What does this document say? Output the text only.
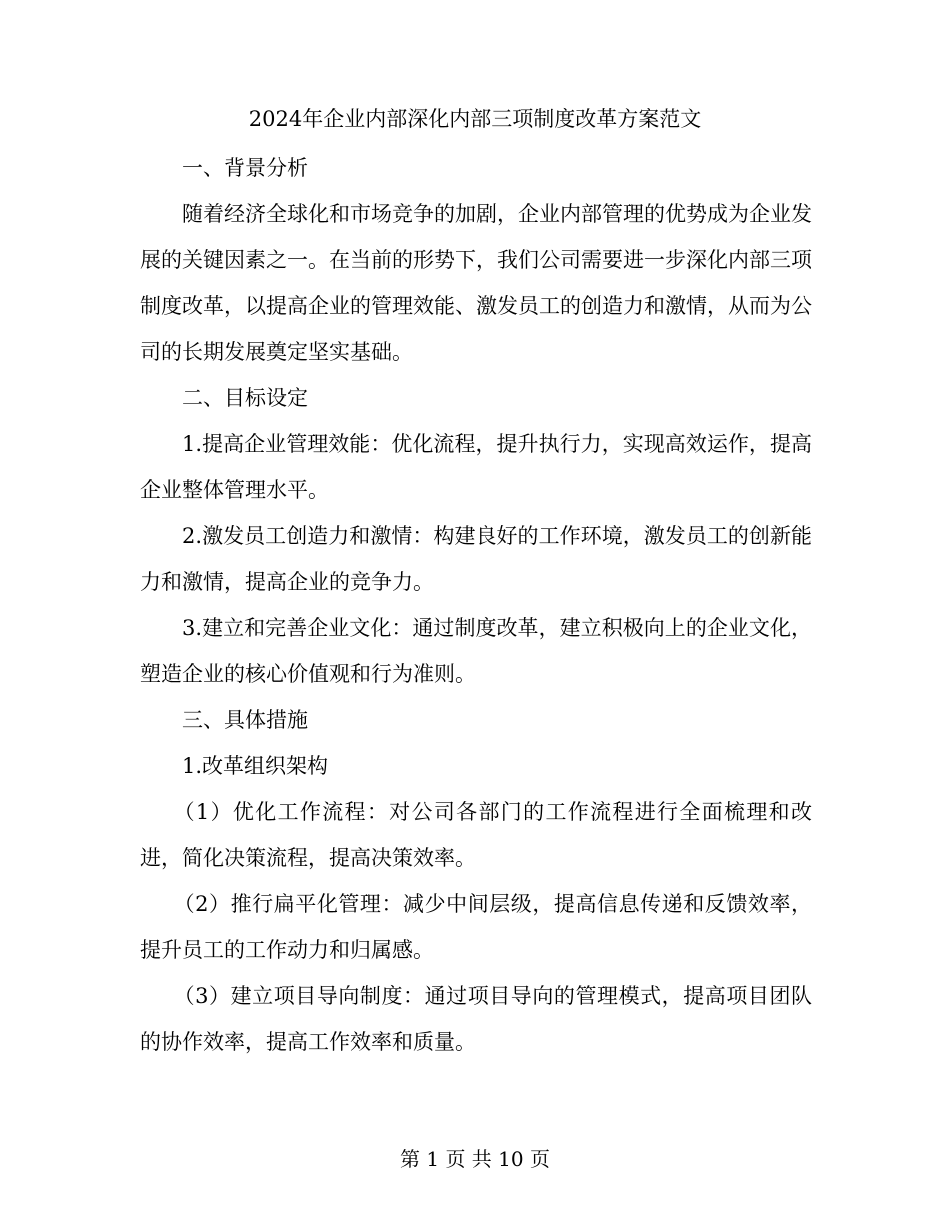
2024年企业内部深化内部三项制度改革方案范文

一、背景分析

随着经济全球化和市场竞争的加剧，企业内部管理的优势成为企业发展的关键因素之一。在当前的形势下，我们公司需要进一步深化内部三项制度改革，以提高企业的管理效能、激发员工的创造力和激情，从而为公司的长期发展奠定坚实基础。

二、目标设定

1.提高企业管理效能：优化流程，提升执行力，实现高效运作，提高企业整体管理水平。

2.激发员工创造力和激情：构建良好的工作环境，激发员工的创新能力和激情，提高企业的竞争力。

3.建立和完善企业文化：通过制度改革，建立积极向上的企业文化，塑造企业的核心价值观和行为准则。

三、具体措施

1.改革组织架构

（1）优化工作流程：对公司各部门的工作流程进行全面梳理和改进，简化决策流程，提高决策效率。

（2）推行扁平化管理：减少中间层级，提高信息传递和反馈效率，提升员工的工作动力和归属感。

（3）建立项目导向制度：通过项目导向的管理模式，提高项目团队的协作效率，提高工作效率和质量。

第 1 页 共 10 页
